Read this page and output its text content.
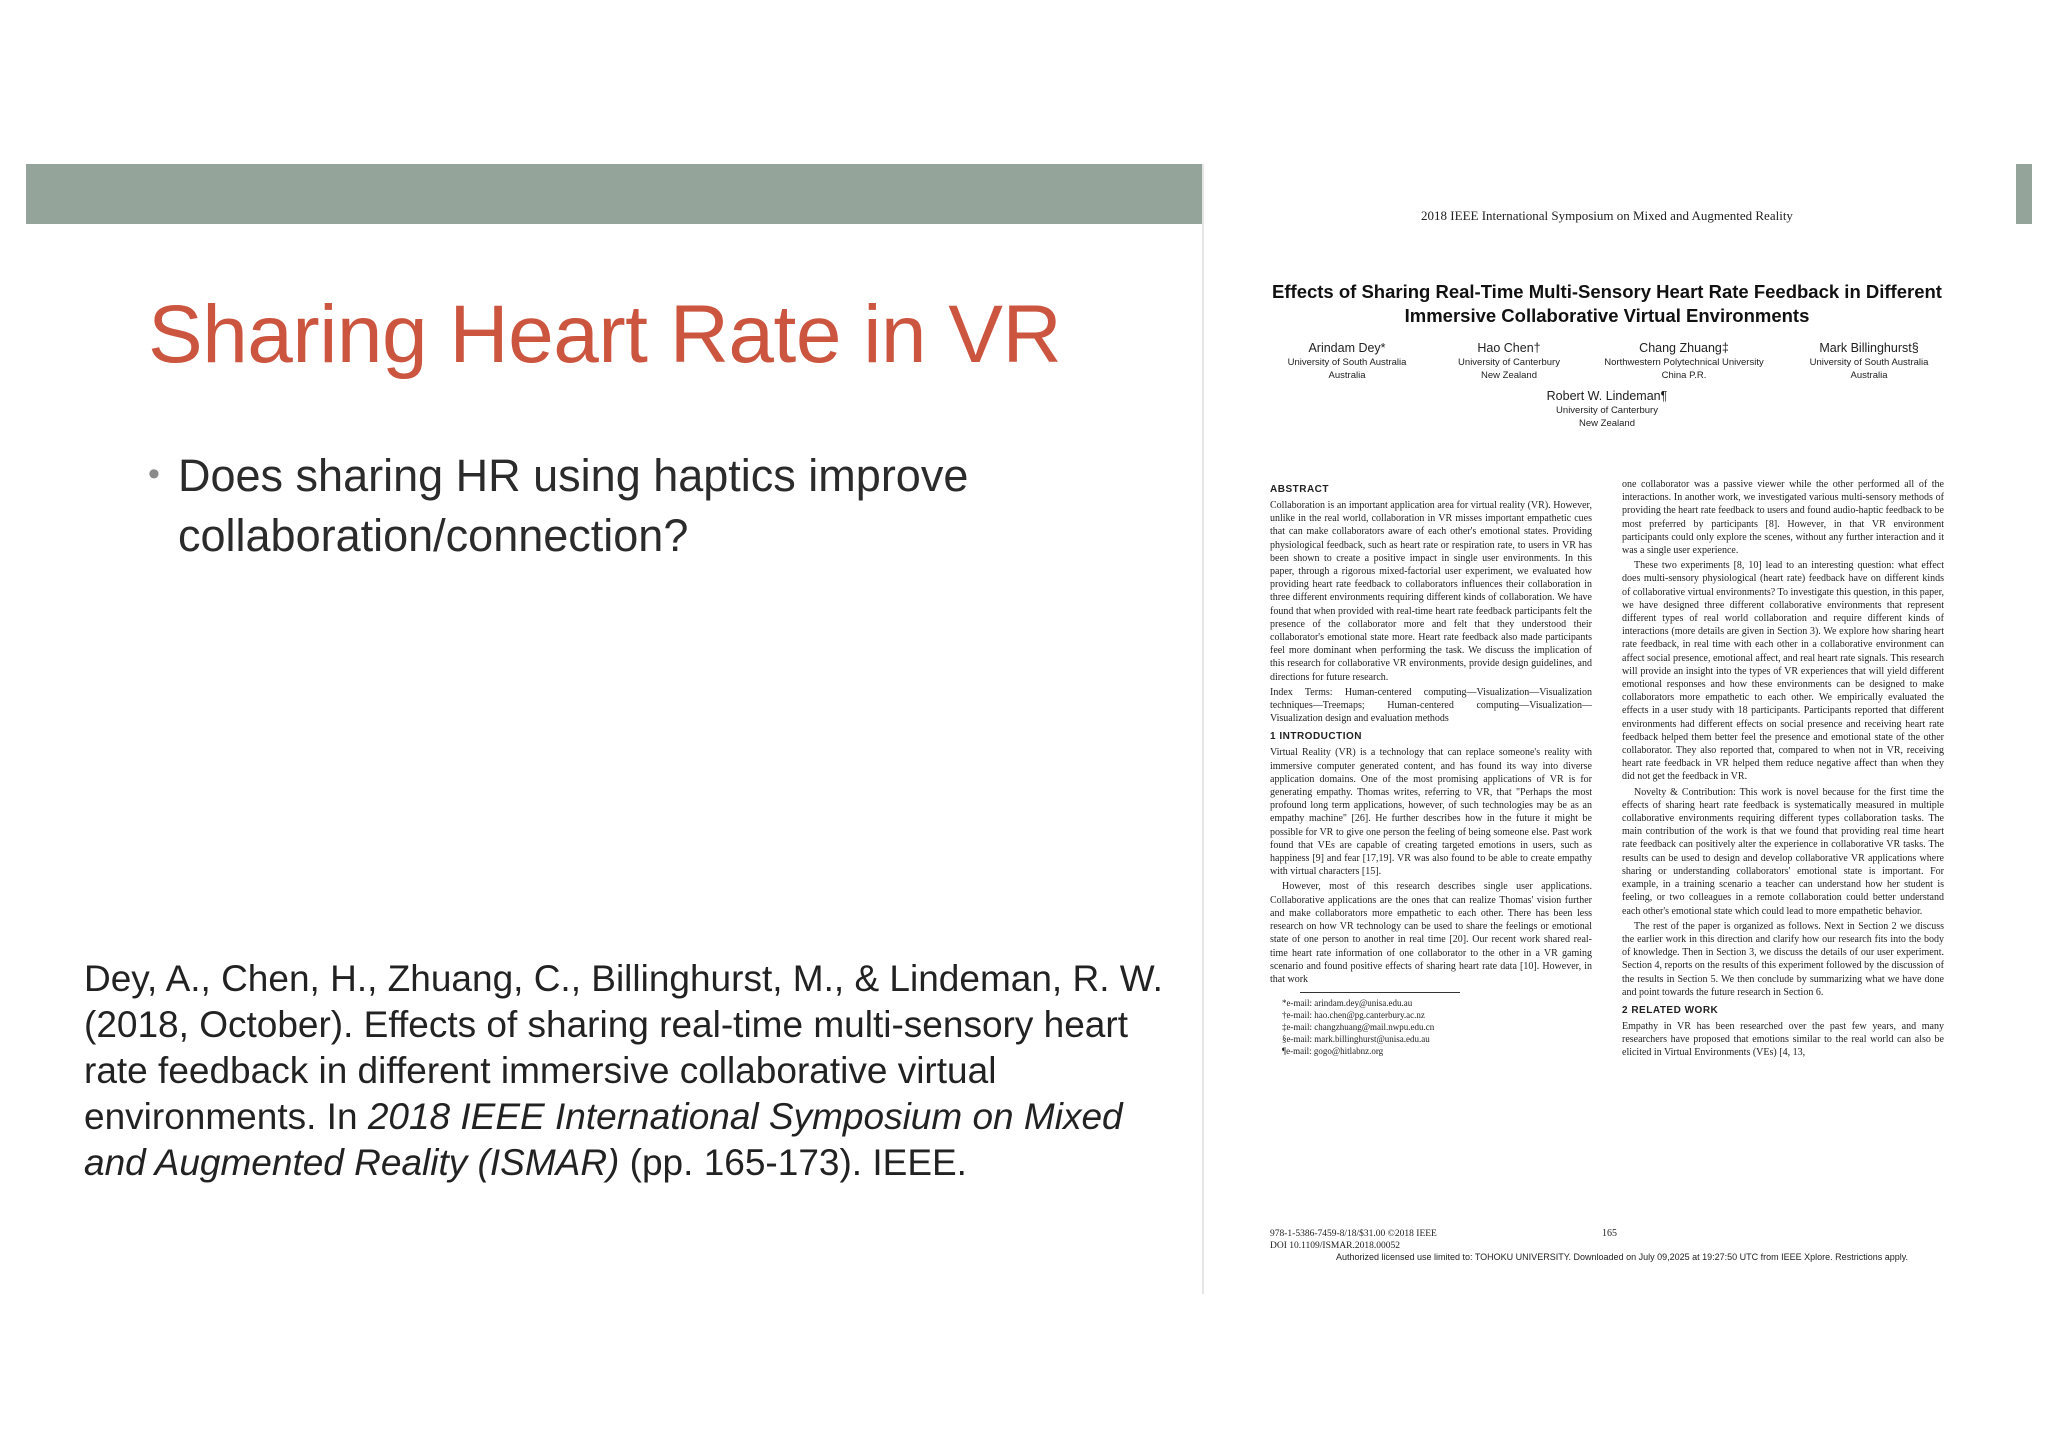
Sharing Heart Rate in VR
• Does sharing HR using haptics improve collaboration/connection?
Dey, A., Chen, H., Zhuang, C., Billinghurst, M., & Lindeman, R. W. (2018, October). Effects of sharing real-time multi-sensory heart rate feedback in different immersive collaborative virtual environments. In 2018 IEEE International Symposium on Mixed and Augmented Reality (ISMAR) (pp. 165-173). IEEE.
2018 IEEE International Symposium on Mixed and Augmented Reality
Effects of Sharing Real-Time Multi-Sensory Heart Rate Feedback in Different Immersive Collaborative Virtual Environments
Arindam Dey*
University of South Australia
Australia
Hao Chen†
University of Canterbury
New Zealand
Chang Zhuang‡
Northwestern Polytechnical University
China P.R.
Mark Billinghurst§
University of South Australia
Australia
Robert W. Lindeman¶
University of Canterbury
New Zealand
ABSTRACT

Collaboration is an important application area for virtual reality (VR). However, unlike in the real world, collaboration in VR misses important empathetic cues that can make collaborators aware of each other's emotional states. Providing physiological feedback, such as heart rate or respiration rate, to users in VR has been shown to create a positive impact in single user environments. In this paper, through a rigorous mixed-factorial user experiment, we evaluated how providing heart rate feedback to collaborators influences their collaboration in three different environments requiring different kinds of collaboration. We have found that when provided with real-time heart rate feedback participants felt the presence of the collaborator more and felt that they understood their collaborator's emotional state more. Heart rate feedback also made participants feel more dominant when performing the task. We discuss the implication of this research for collaborative VR environments, provide design guidelines, and directions for future research.

Index Terms: Human-centered computing—Visualization—Visualization techniques—Treemaps; Human-centered computing—Visualization—Visualization design and evaluation methods

1 INTRODUCTION

Virtual Reality (VR) is a technology that can replace someone's reality with immersive computer generated content, and has found its way into diverse application domains. One of the most promising applications of VR is for generating empathy. Thomas writes, referring to VR, that "Perhaps the most profound long term applications, however, of such technologies may be as an empathy machine" [26]. He further describes how in the future it might be possible for VR to give one person the feeling of being someone else. Past work found that VEs are capable of creating targeted emotions in users, such as happiness [9] and fear [17,19]. VR was also found to be able to create empathy with virtual characters [15].

However, most of this research describes single user applications. Collaborative applications are the ones that can realize Thomas' vision further and make collaborators more empathetic to each other. There has been less research on how VR technology can be used to share the feelings or emotional state of one person to another in real time [20]. Our recent work shared real-time heart rate information of one collaborator to the other in a VR gaming scenario and found positive effects of sharing heart rate data [10]. However, in that work

*e-mail: arindam.dey@unisa.edu.au
†e-mail: hao.chen@pg.canterbury.ac.nz
‡e-mail: changzhuang@mail.nwpu.edu.cn
§e-mail: mark.billinghurst@unisa.edu.au
¶e-mail: gogo@hitlabnz.org

one collaborator was a passive viewer while the other performed all of the interactions. In another work, we investigated various multi-sensory methods of providing the heart rate feedback to users and found audio-haptic feedback to be most preferred by participants [8]. However, in that VR environment participants could only explore the scenes, without any further interaction and it was a single user experience.

These two experiments [8, 10] lead to an interesting question: what effect does multi-sensory physiological (heart rate) feedback have on different kinds of collaborative virtual environments? To investigate this question, in this paper, we have designed three different collaborative environments that represent different types of real world collaboration and require different kinds of interactions (more details are given in Section 3). We explore how sharing heart rate feedback, in real time with each other in a collaborative environment can affect social presence, emotional affect, and real heart rate signals. This research will provide an insight into the types of VR experiences that will yield different emotional responses and how these environments can be designed to make collaborators more empathetic to each other. We empirically evaluated the effects in a user study with 18 participants. Participants reported that different environments had different effects on social presence and receiving heart rate feedback helped them better feel the presence and emotional state of the other collaborator. They also reported that, compared to when not in VR, receiving heart rate feedback in VR helped them reduce negative affect than when they did not get the feedback in VR.

Novelty & Contribution: This work is novel because for the first time the effects of sharing heart rate feedback is systematically measured in multiple collaborative environments requiring different types collaboration tasks. The main contribution of the work is that we found that providing real time heart rate feedback can positively alter the experience in collaborative VR tasks. The results can be used to design and develop collaborative VR applications where sharing or understanding collaborators' emotional state is important. For example, in a training scenario a teacher can understand how her student is feeling, or two colleagues in a remote collaboration could better understand each other's emotional state which could lead to more empathetic behavior.

The rest of the paper is organized as follows. Next in Section 2 we discuss the earlier work in this direction and clarify how our research fits into the body of knowledge. Then in Section 3, we discuss the details of our user experiment. Section 4, reports on the results of this experiment followed by the discussion of the results in Section 5. We then conclude by summarizing what we have done and point towards the future research in Section 6.

2 RELATED WORK

Empathy in VR has been researched over the past few years, and many researchers have proposed that emotions similar to the real world can also be elicited in Virtual Environments (VEs) [4, 13,

978-1-5386-7459-8/18/$31.00 ©2018 IEEE
DOI 10.1109/ISMAR.2018.00052
165
Authorized licensed use limited to: TOHOKU UNIVERSITY. Downloaded on July 09,2025 at 19:27:50 UTC from IEEE Xplore. Restrictions apply.
